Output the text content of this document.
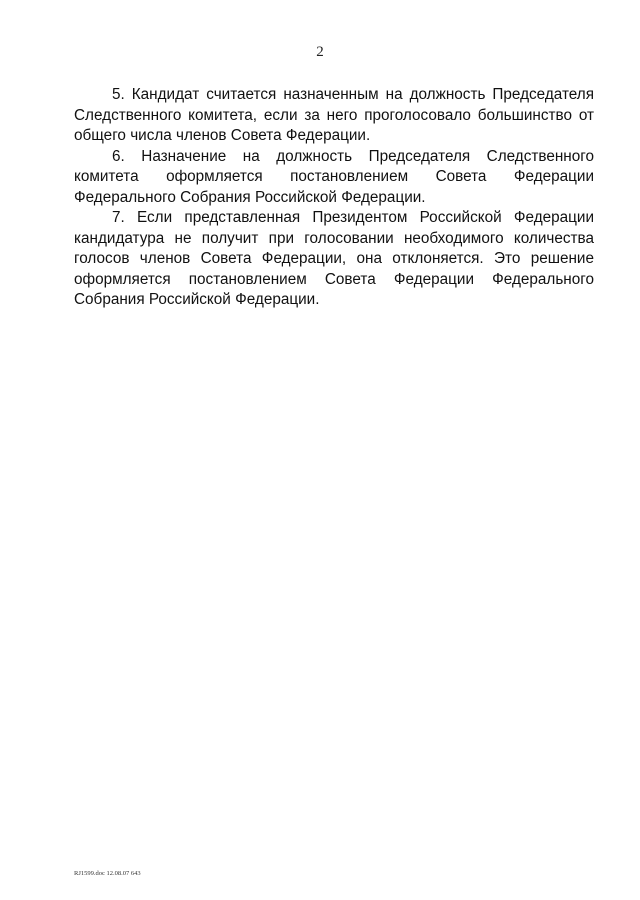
2

5. Кандидат считается назначенным на должность Председателя Следственного комитета, если за него проголосовало большинство от общего числа членов Совета Федерации.

6. Назначение на должность Председателя Следственного комитета оформляется постановлением Совета Федерации Федерального Собрания Российской Федерации.

7. Если представленная Президентом Российской Федерации кандидатура не получит при голосовании необходимого количества голосов членов Совета Федерации, она отклоняется. Это решение оформляется постановлением Совета Федерации Федерального Собрания Российской Федерации.

RJ1599.doc 12.08.07 643
